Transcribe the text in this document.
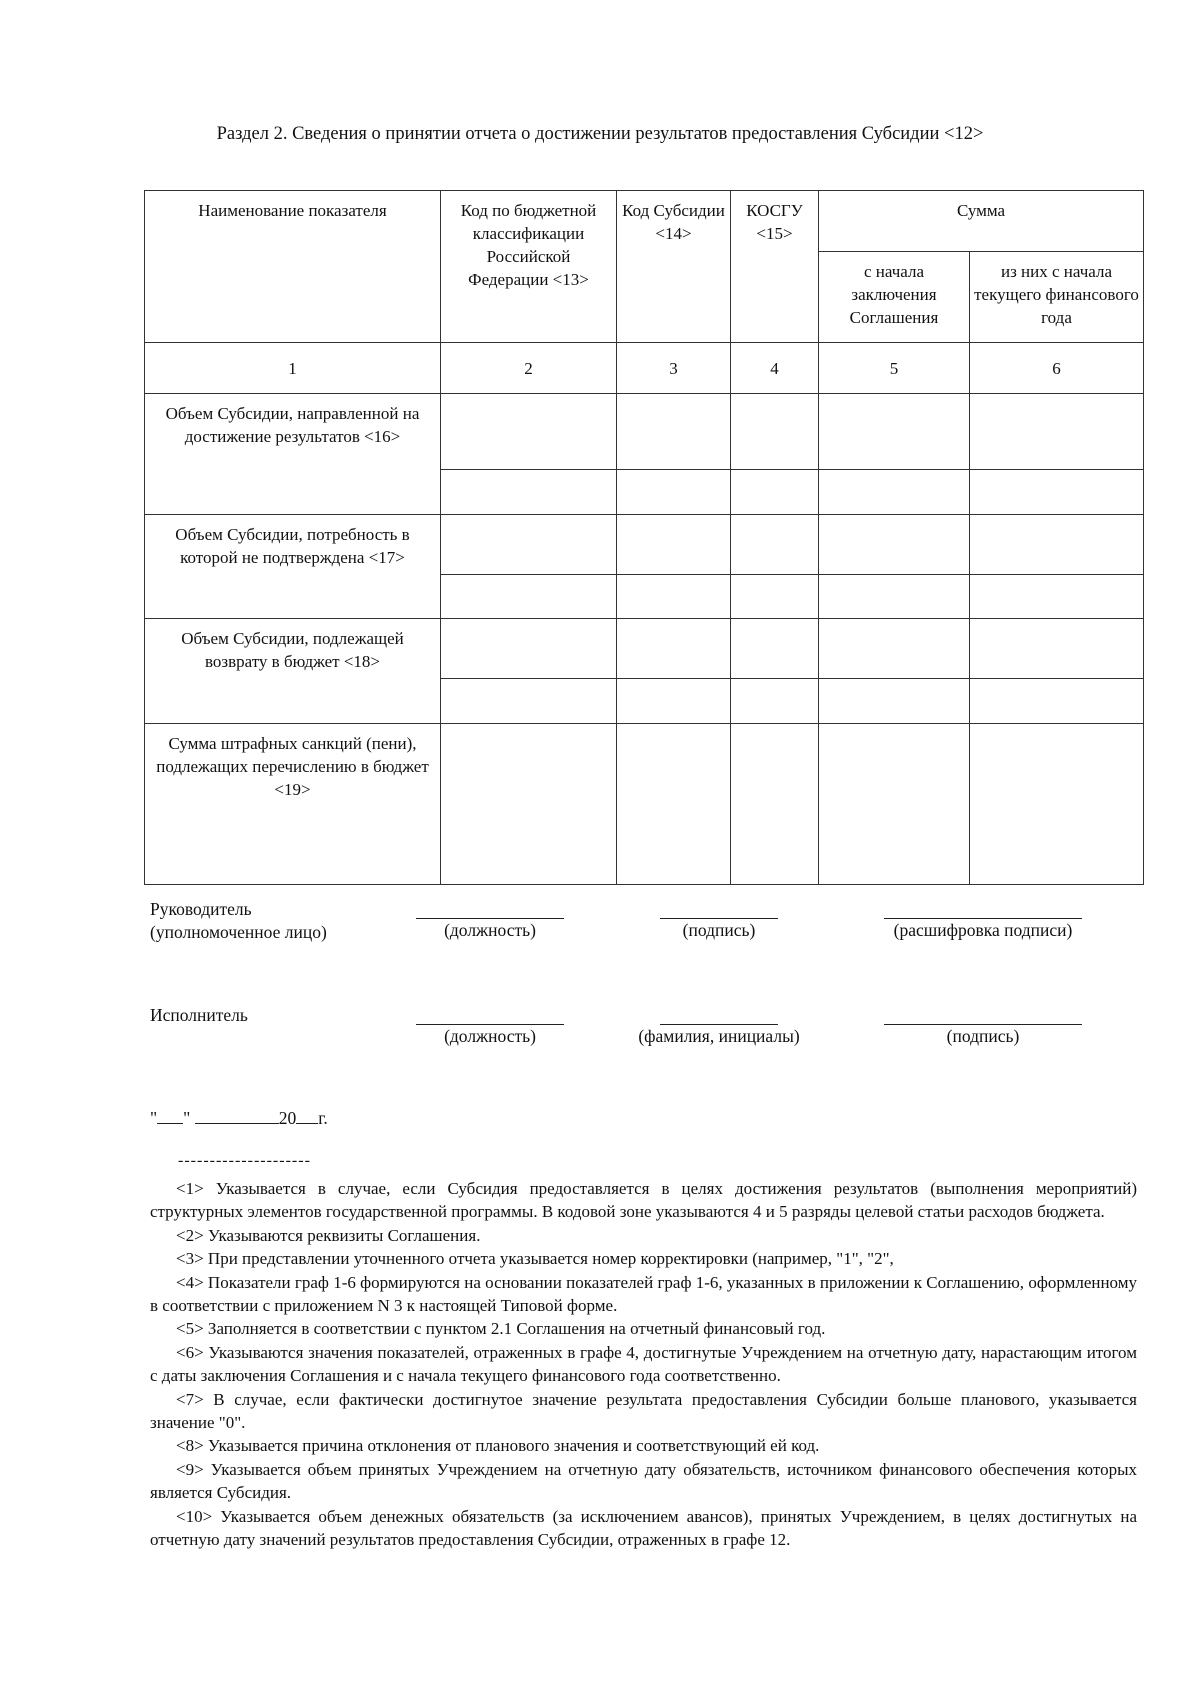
Раздел 2. Сведения о принятии отчета о достижении результатов предоставления Субсидии <12>
Наименование показателя	Код по бюджетной классификации Российской Федерации <13>	Код Субсидии <14>	КОСГУ <15>	Сумма	
				с начала заключения Соглашения	из них с начала текущего финансового года
1	2	3	4	5	6
Объем Субсидии, направленной на достижение результатов <16>					

Объем Субсидии, потребность в которой не подтверждена <17>					

Объем Субсидии, подлежащей возврату в бюджет <18>					

Сумма штрафных санкций (пени), подлежащих перечислению в бюджет <19>					
Руководитель (уполномоченное лицо)	(должность)	(подпись)	(расшифровка подписи)
Исполнитель
(должность)	(фамилия, инициалы)	(подпись)
" "	20 г.
---------------------

<1> Указывается в случае, если Субсидия предоставляется в целях достижения результатов (выполнения мероприятий) структурных элементов государственной программы. В кодовой зоне указываются 4 и 5 разряды целевой статьи расходов бюджета.

<2> Указываются реквизиты Соглашения.

<3> При представлении уточненного отчета указывается номер корректировки (например, "1", "2",

<4> Показатели граф 1-6 формируются на основании показателей граф 1-6, указанных в приложении к Соглашению, оформленному в соответствии с приложением N 3 к настоящей Типовой форме.

<5> Заполняется в соответствии с пунктом 2.1 Соглашения на отчетный финансовый год.

<6> Указываются значения показателей, отраженных в графе 4, достигнутые Учреждением на отчетную дату, нарастающим итогом с даты заключения Соглашения и с начала текущего финансового года соответственно.

<7> В случае, если фактически достигнутое значение результата предоставления Субсидии больше планового, указывается значение "0".

<8> Указывается причина отклонения от планового значения и соответствующий ей код.

<9> Указывается объем принятых Учреждением на отчетную дату обязательств, источником финансового обеспечения которых является Субсидия.

<10> Указывается объем денежных обязательств (за исключением авансов), принятых Учреждением, в целях достигнутых на отчетную дату значений результатов предоставления Субсидии, отраженных в графе 12.
